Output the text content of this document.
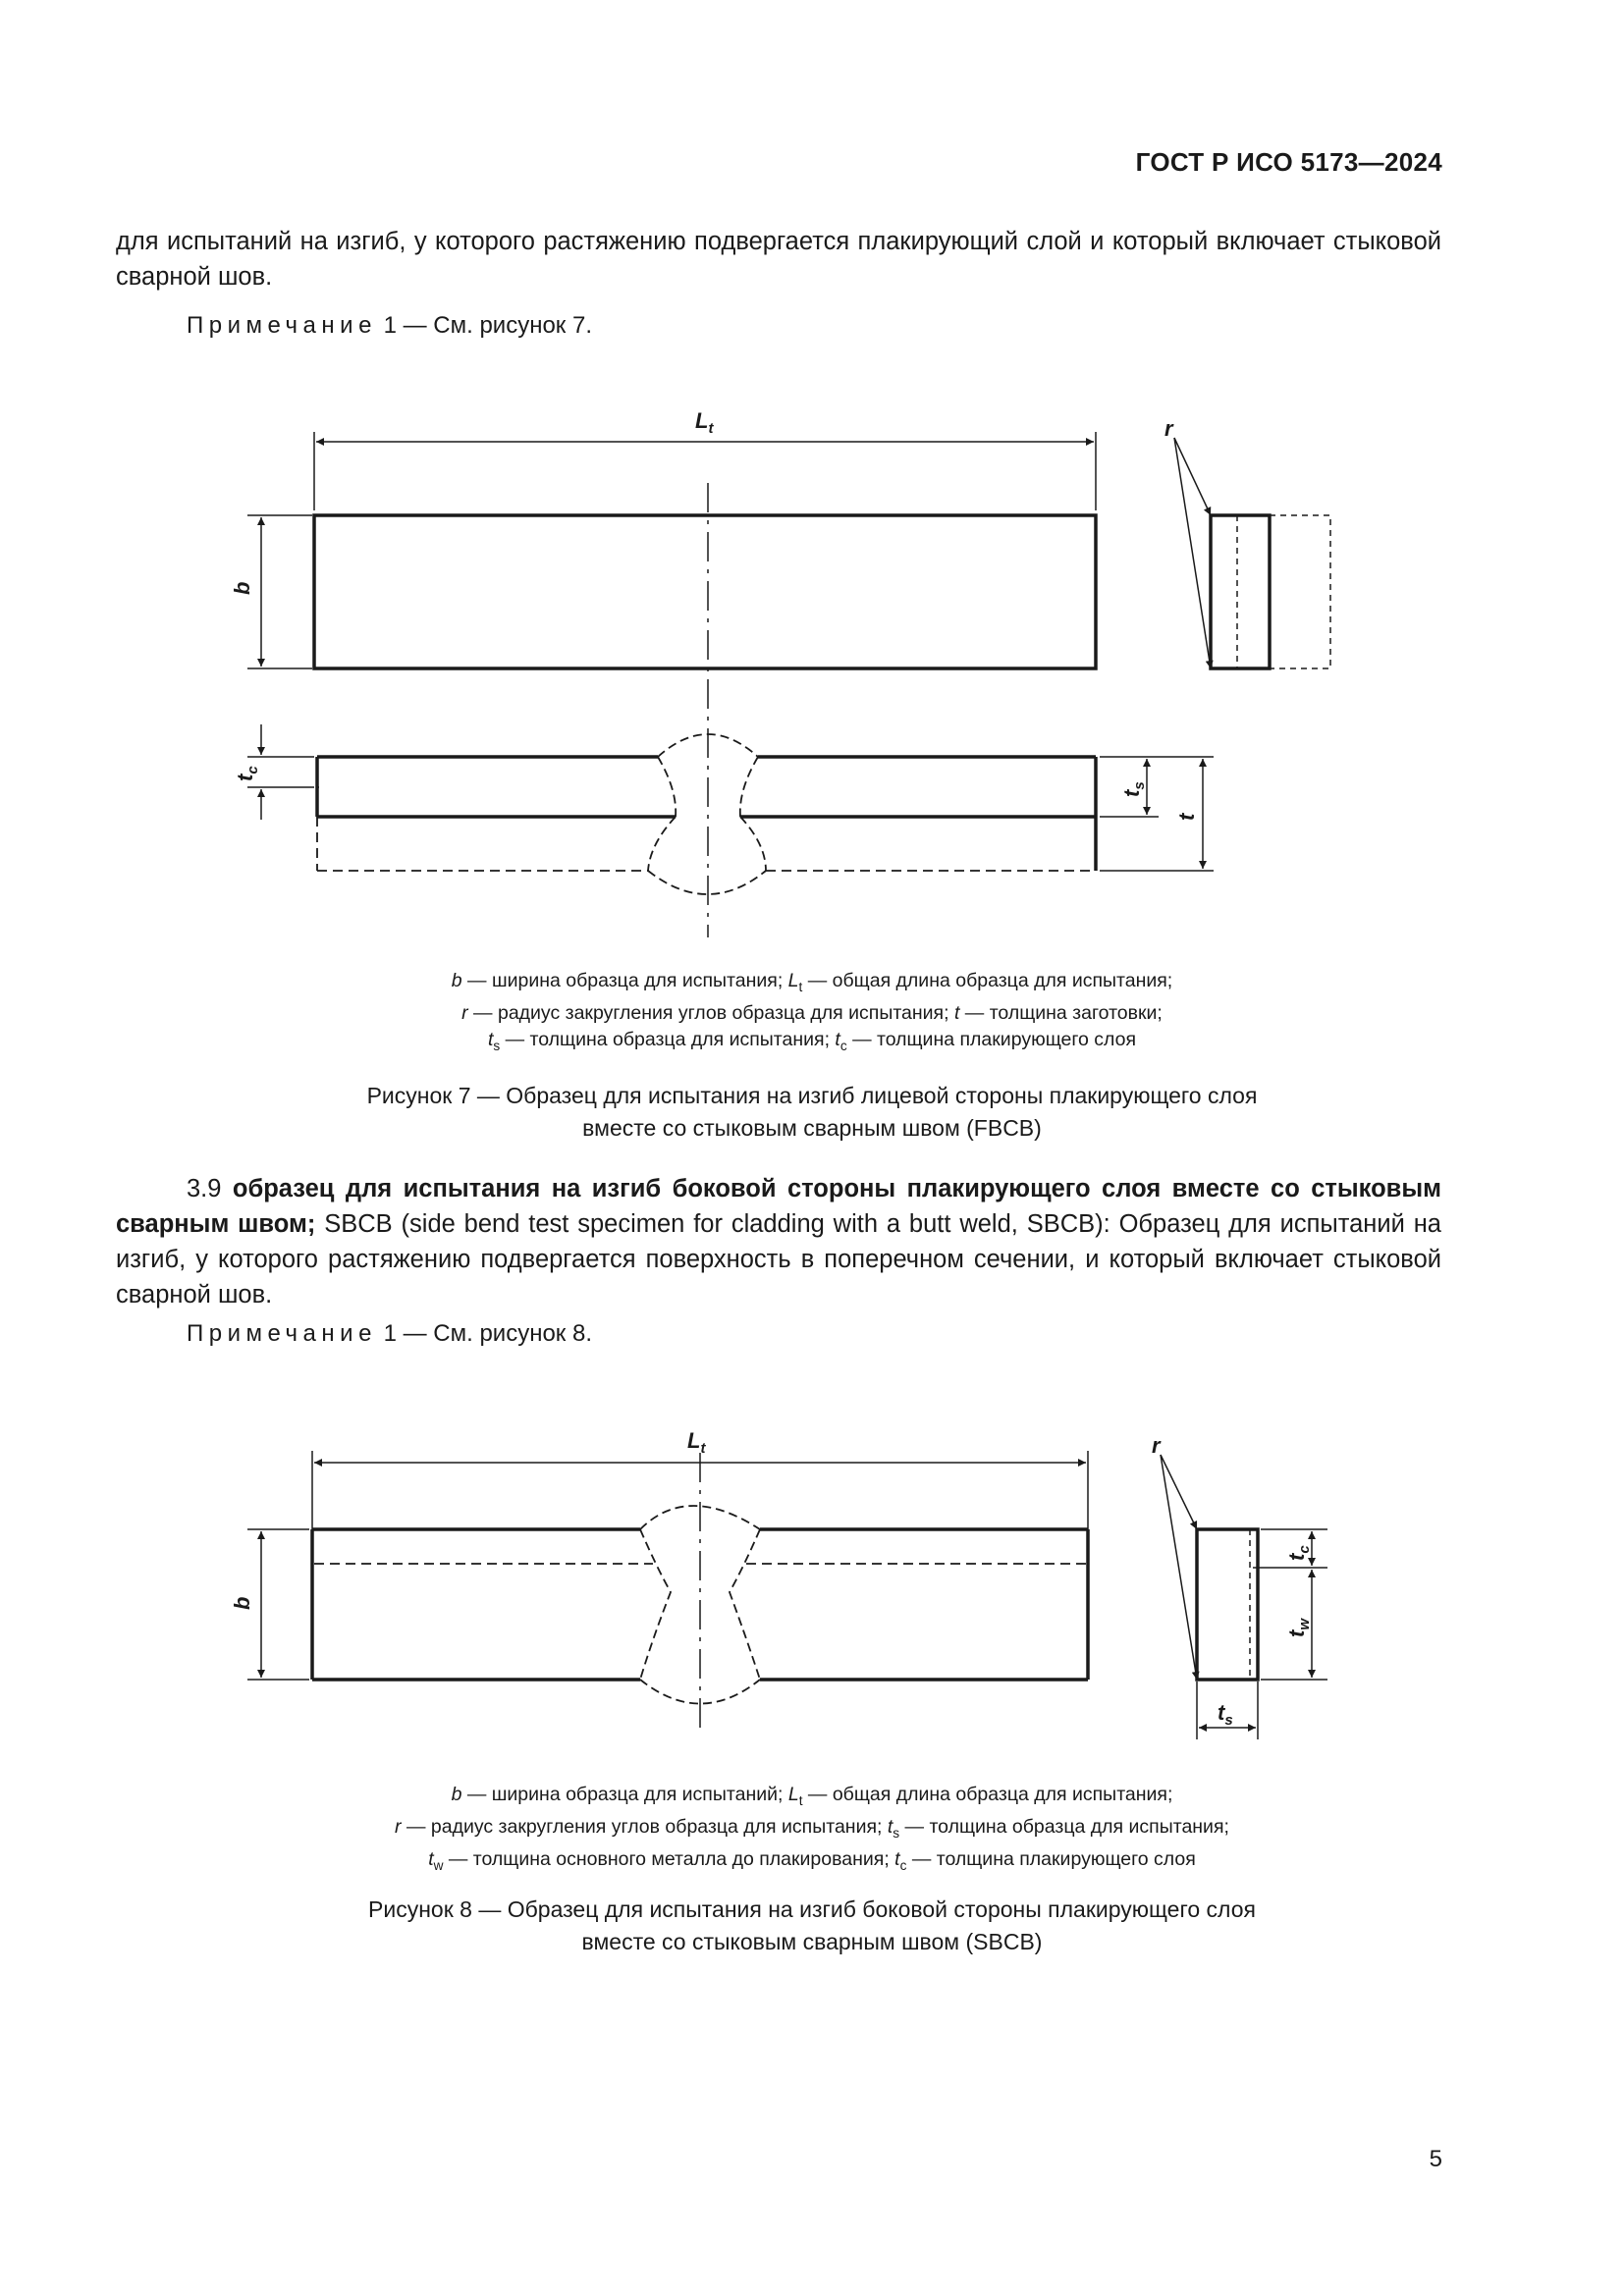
ГОСТ Р ИСО 5173—2024
для испытаний на изгиб, у которого растяжению подвергается плакирующий слой и который включает стыковой сварной шов.
Примечание 1 — См. рисунок 7.
$L_t$	r
b
$t_c$
$t_s$
t
b — ширина образца для испытания; $L_t$ — общая длина образца для испытания;
r — радиус закругления углов образца для испытания; t — толщина заготовки;
$t_s$ — толщина образца для испытания; $t_c$ — толщина плакирующего слоя
Рисунок 7 — Образец для испытания на изгиб лицевой стороны плакирующего слоя
вместе со стыковым сварным швом (FBCB)
3.9 образец для испытания на изгиб боковой стороны плакирующего слоя вместе со стыковым сварным швом; SBCB (side bend test specimen for cladding with a butt weld, SBCB): Образец для испытаний на изгиб, у которого растяжению подвергается поверхность в поперечном сечении, и который включает стыковой сварной шов.
Примечание 1 — См. рисунок 8.
$L_t$	r
b
$t_c$
$t_w$
$t_s$
b — ширина образца для испытаний; $L_t$ — общая длина образца для испытания;
r — радиус закругления углов образца для испытания; $t_s$ — толщина образца для испытания;
$t_w$ — толщина основного металла до плакирования; $t_c$ — толщина плакирующего слоя
Рисунок 8 — Образец для испытания на изгиб боковой стороны плакирующего слоя
вместе со стыковым сварным швом (SBCB)
5
